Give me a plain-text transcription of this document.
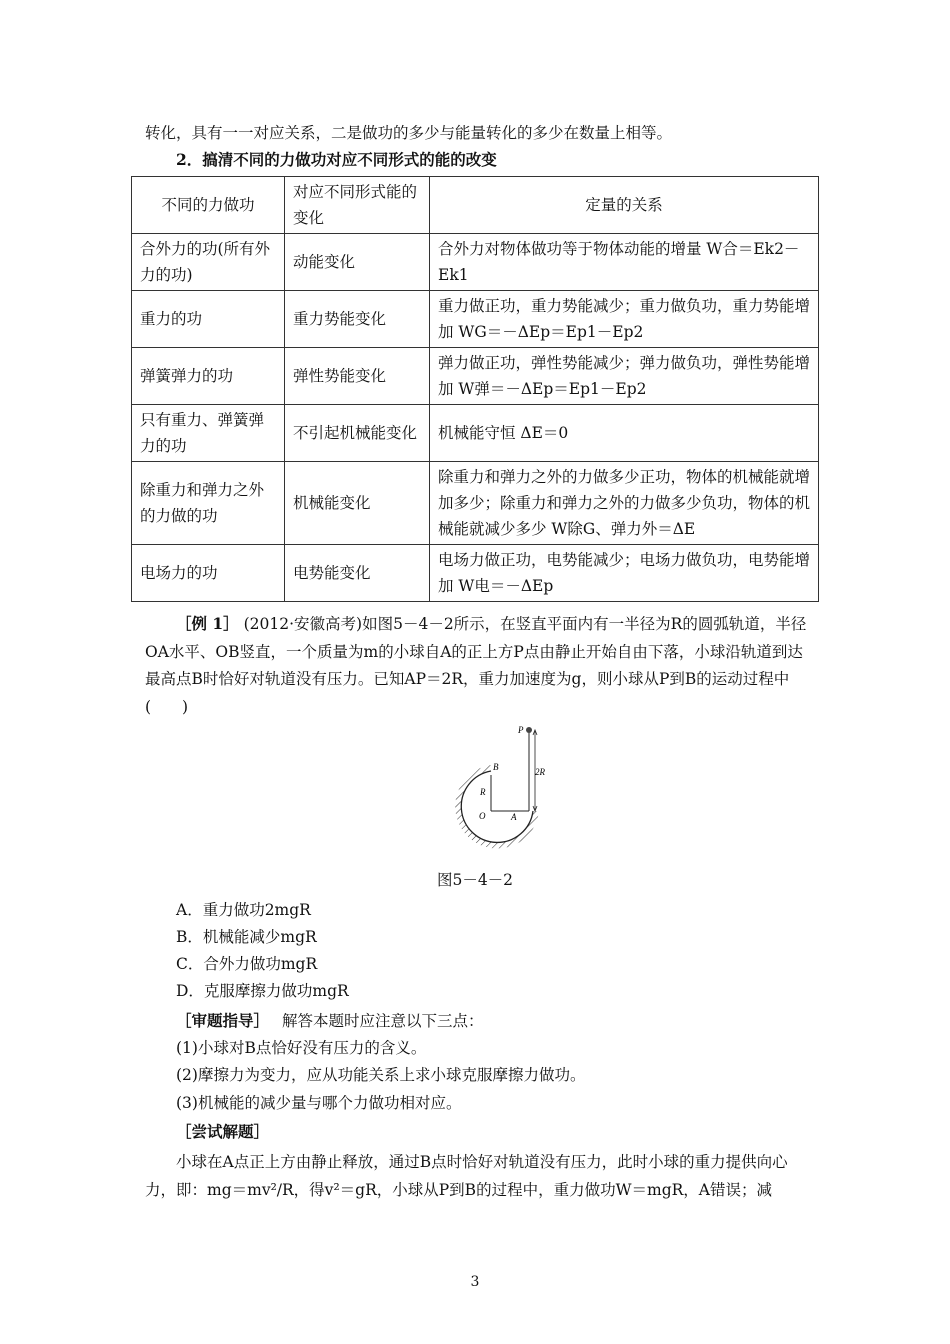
转化，具有一一对应关系，二是做功的多少与能量转化的多少在数量上相等。
2．搞清不同的力做功对应不同形式的能的改变
不同的力做功	对应不同形式能的变化	定量的关系
合外力的功(所有外力的功)	动能变化	合外力对物体做功等于物体动能的增量 W合＝Ek2－Ek1
重力的功	重力势能变化	重力做正功，重力势能减少；重力做负功，重力势能增加 WG＝－ΔEp＝Ep1－Ep2
弹簧弹力的功	弹性势能变化	弹力做正功，弹性势能减少；弹力做负功，弹性势能增加 W弹＝－ΔEp＝Ep1－Ep2
只有重力、弹簧弹力的功	不引起机械能变化	机械能守恒 ΔE＝0
除重力和弹力之外的力做的功	机械能变化	除重力和弹力之外的力做多少正功，物体的机械能就增加多少；除重力和弹力之外的力做多少负功，物体的机械能就减少多少 W除G、弹力外＝ΔE
电场力的功	电势能变化	电场力做正功，电势能减少；电场力做负功，电势能增加 W电＝－ΔEp
［例 1］ (2012·安徽高考)如图5－4－2所示，在竖直平面内有一半径为R的圆弧轨道，半径OA水平、OB竖直，一个质量为m的小球自A的正上方P点由静止开始自由下落，小球沿轨道到达最高点B时恰好对轨道没有压力。已知AP＝2R，重力加速度为g，则小球从P到B的运动过程中(　　)
P
B
R
2R
O	A
图5－4－2
A．重力做功2mgR
B．机械能减少mgR
C．合外力做功mgR
D．克服摩擦力做功mgR
［审题指导］ 解答本题时应注意以下三点：
(1)小球对B点恰好没有压力的含义。
(2)摩擦力为变力，应从功能关系上求小球克服摩擦力做功。
(3)机械能的减少量与哪个力做功相对应。
［尝试解题］
小球在A点正上方由静止释放，通过B点时恰好对轨道没有压力，此时小球的重力提供向心力，即：mg＝mv²/R，得v²＝gR，小球从P到B的过程中，重力做功W＝mgR，A错误；减
3
